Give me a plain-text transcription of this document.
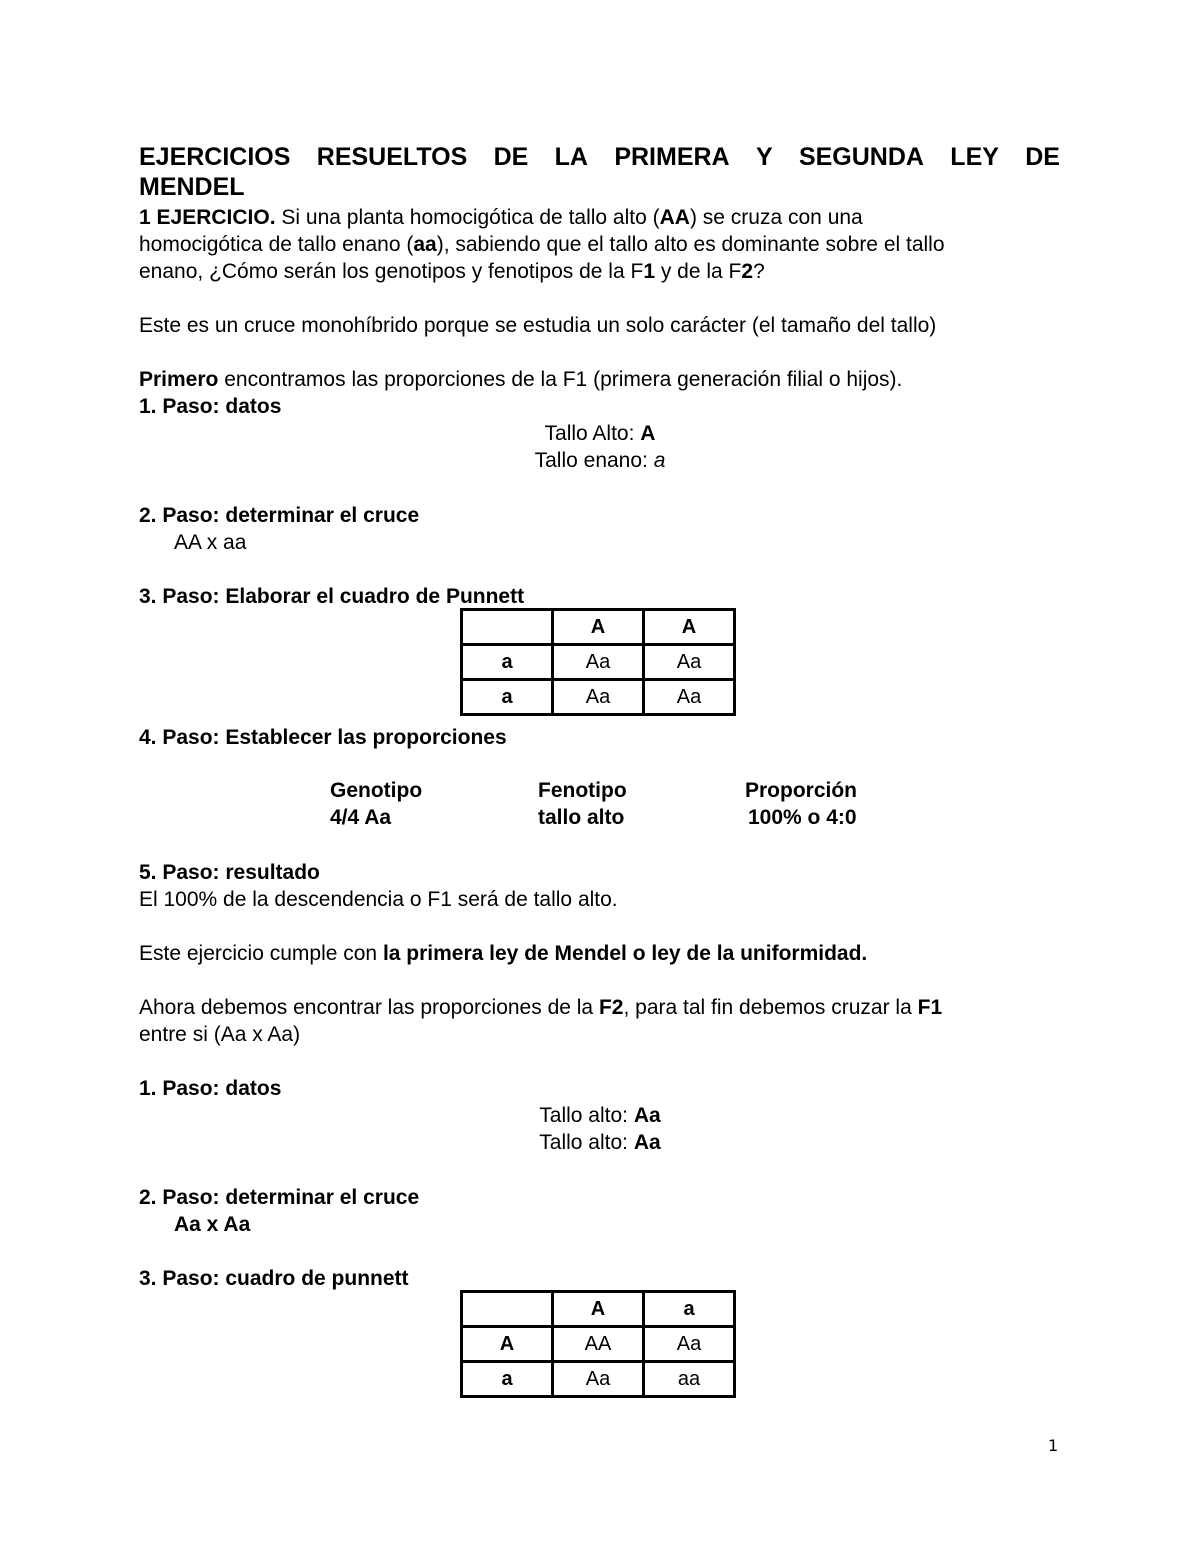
EJERCICIOS RESUELTOS DE LA PRIMERA Y SEGUNDA LEY DE
MENDEL
1 EJERCICIO. Si una planta homocigótica de tallo alto (AA) se cruza con una
homocigótica de tallo enano (aa), sabiendo que el tallo alto es dominante sobre el tallo
enano, ¿Cómo serán los genotipos y fenotipos de la F1 y de la F2?
Este es un cruce monohíbrido porque se estudia un solo carácter (el tamaño del tallo)
Primero encontramos las proporciones de la F1 (primera generación filial o hijos).
1. Paso: datos
Tallo Alto: A
Tallo enano: a
2. Paso: determinar el cruce
AA x aa
3. Paso: Elaborar el cuadro de Punnett
	A	A
a	Aa	Aa
a	Aa	Aa
4. Paso: Establecer las proporciones
Genotipo	Fenotipo	Proporción
4/4 Aa	tallo alto	100% o 4:0
5. Paso: resultado
El 100% de la descendencia o F1 será de tallo alto.
Este ejercicio cumple con la primera ley de Mendel o ley de la uniformidad.
Ahora debemos encontrar las proporciones de la F2, para tal fin debemos cruzar la F1
entre si (Aa x Aa)
1. Paso: datos
Tallo alto: Aa
Tallo alto: Aa
2. Paso: determinar el cruce
Aa x Aa
3. Paso: cuadro de punnett
	A	a
A	AA	Aa
a	Aa	aa
1
